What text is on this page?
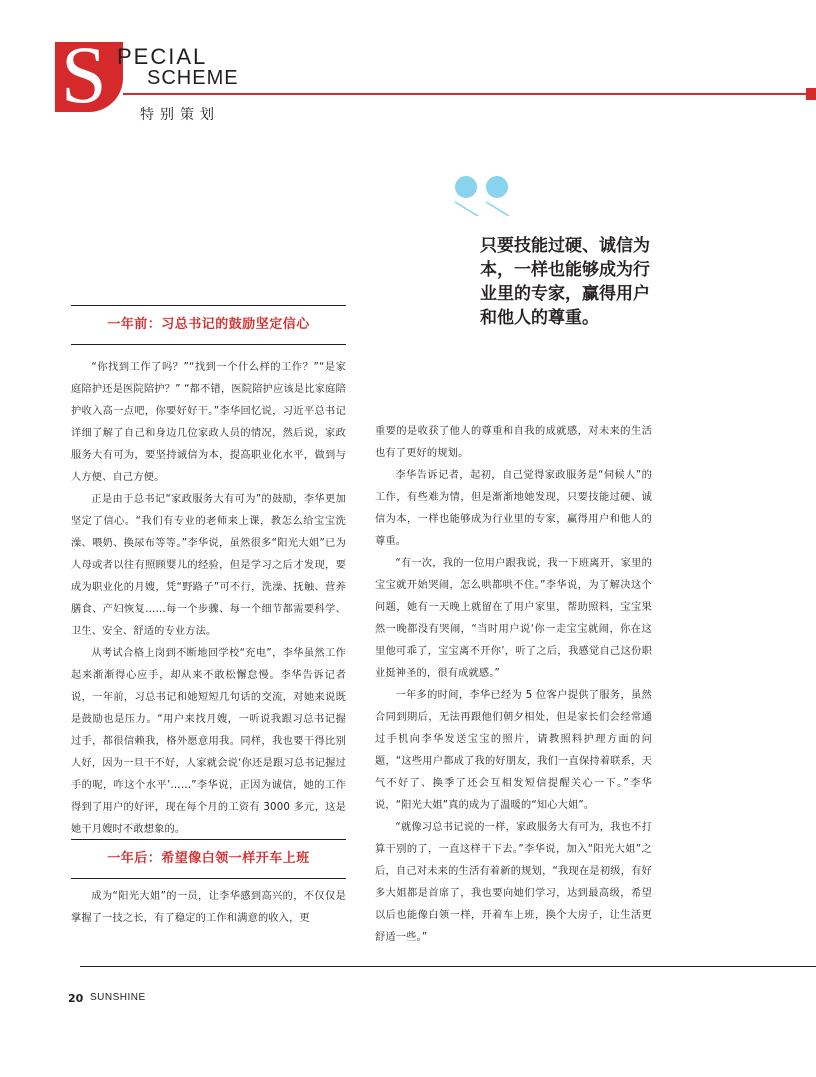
S PECIAL
SCHEME
特别策划
只要技能过硬、诚信为本，一样也能够成为行业里的专家，赢得用户和他人的尊重。
一年前：习总书记的鼓励坚定信心

“你找到工作了吗？”“找到一个什么样的工作？”“是家庭陪护还是医院陪护？” “都不错，医院陪护应该是比家庭陪护收入高一点吧，你要好好干。”李华回忆说，习近平总书记详细了解了自己和身边几位家政人员的情况，然后说，家政服务大有可为，要坚持诚信为本，提高职业化水平，做到与人方便、自己方便。

正是由于总书记“家政服务大有可为”的鼓励，李华更加坚定了信心。“我们有专业的老师来上课，教怎么给宝宝洗澡、喂奶、换尿布等等。”李华说，虽然很多“阳光大姐”已为人母或者以往有照顾婴儿的经验，但是学习之后才发现，要成为职业化的月嫂，凭“野路子”可不行，洗澡、抚触、营养膳食、产妇恢复……每一个步骤、每一个细节都需要科学、卫生、安全、舒适的专业方法。

从考试合格上岗到不断地回学校“充电”，李华虽然工作起来渐渐得心应手，却从来不敢松懈怠慢。李华告诉记者说，一年前，习总书记和她短短几句话的交流，对她来说既是鼓励也是压力。“用户来找月嫂，一听说我跟习总书记握过手，都很信赖我，格外愿意用我。同样，我也要干得比别人好，因为一旦干不好，人家就会说‘你还是跟习总书记握过手的呢，咋这个水平’……”李华说，正因为诚信，她的工作得到了用户的好评，现在每个月的工资有 3000 多元，这是她干月嫂时不敢想象的。

一年后：希望像白领一样开车上班

成为“阳光大姐”的一员，让李华感到高兴的，不仅仅是掌握了一技之长，有了稳定的工作和满意的收入，更

重要的是收获了他人的尊重和自我的成就感，对未来的生活也有了更好的规划。

李华告诉记者，起初，自己觉得家政服务是“伺候人”的工作，有些难为情，但是渐渐地她发现，只要技能过硬、诚信为本，一样也能够成为行业里的专家，赢得用户和他人的尊重。

“有一次，我的一位用户跟我说，我一下班离开，家里的宝宝就开始哭闹，怎么哄都哄不住。”李华说，为了解决这个问题，她有一天晚上就留在了用户家里，帮助照料，宝宝果然一晚都没有哭闹，“当时用户说‘你一走宝宝就闹，你在这里他可乖了，宝宝离不开你’，听了之后，我感觉自己这份职业挺神圣的，很有成就感。”

一年多的时间，李华已经为 5 位客户提供了服务，虽然合同到期后，无法再跟他们朝夕相处，但是家长们会经常通过手机向李华发送宝宝的照片，请教照料护理方面的问题，“这些用户都成了我的好朋友，我们一直保持着联系，天气不好了、换季了还会互相发短信提醒关心一下。”李华说，“阳光大姐”真的成为了温暖的“知心大姐”。

“就像习总书记说的一样，家政服务大有可为，我也不打算干别的了，一直这样干下去。”李华说，加入“阳光大姐”之后，自己对未来的生活有着新的规划，“我现在是初级，有好多大姐都是首席了，我也要向她们学习，达到最高级，希望以后也能像白领一样，开着车上班，换个大房子，让生活更舒适一些。”

20 SUNSHINE
